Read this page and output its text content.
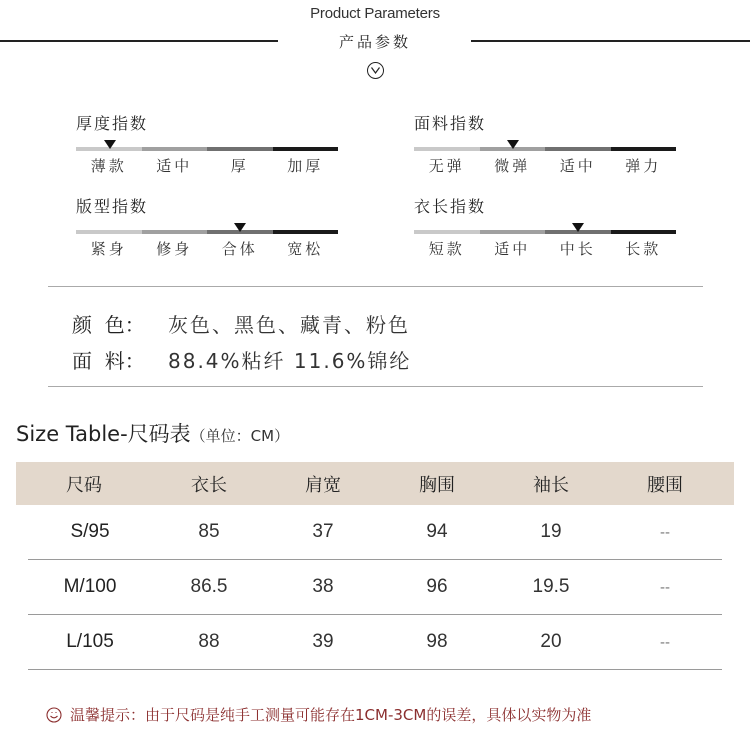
Product Parameters
产品参数
厚度指数
薄款	适中	厚	加厚
面料指数
无弹	微弹	适中	弹力
版型指数
紧身	修身	合体	宽松
衣长指数
短款	适中	中长	长款
颜  色：	灰色、黑色、藏青、粉色
面  料：	88.4%粘纤 11.6%锦纶
Size Table-尺码表（单位：CM）
尺码	衣长	肩宽	胸围	袖长	腰围
S/95	85	37	94	19	--
M/100	86.5	38	96	19.5	--
L/105	88	39	98	20	--
温馨提示：由于尺码是纯手工测量可能存在1CM-3CM的误差，具体以实物为准
